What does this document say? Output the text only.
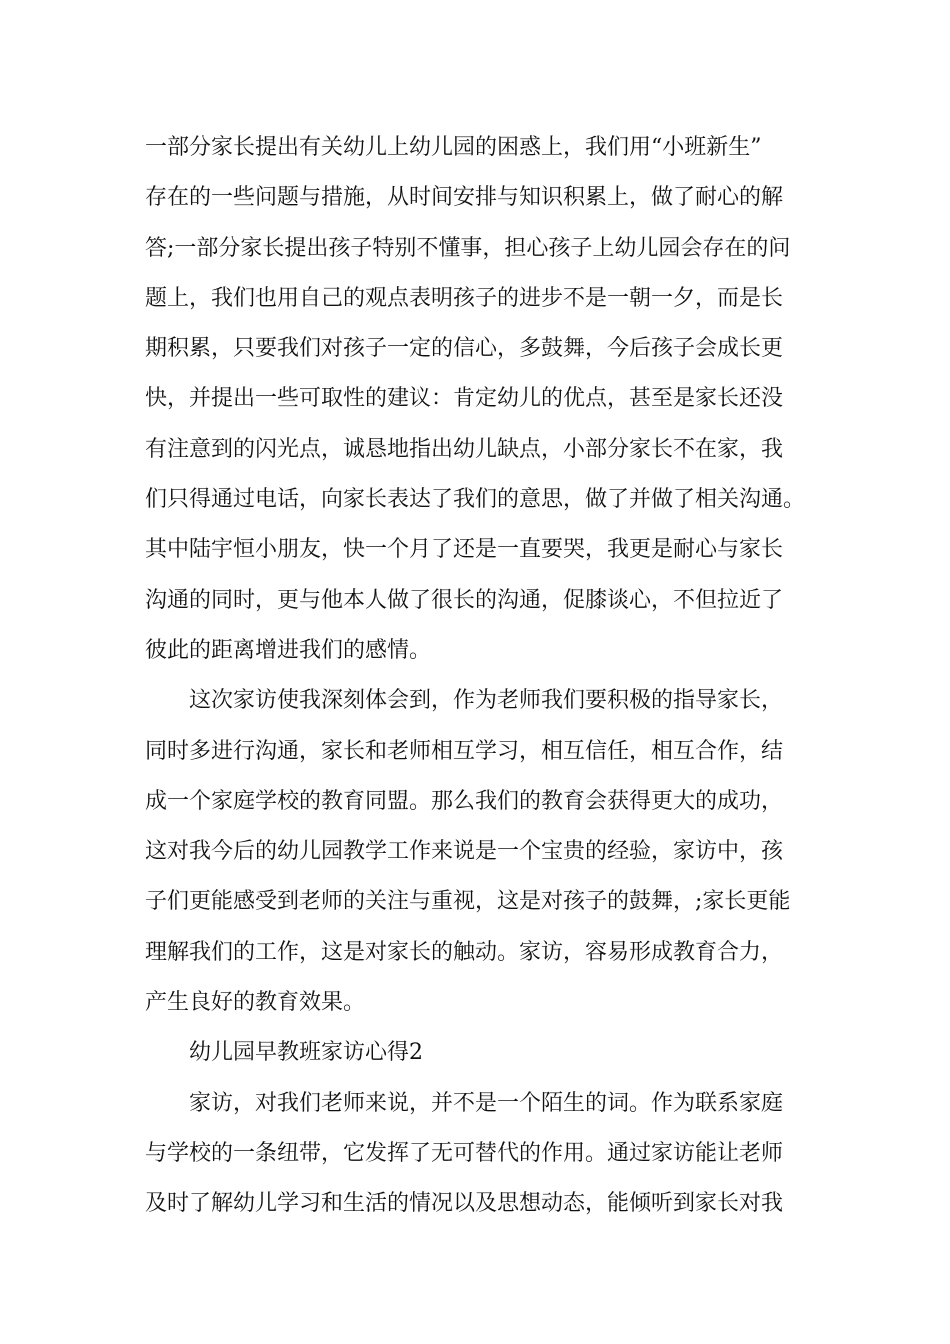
一部分家长提出有关幼儿上幼儿园的困惑上，我们用“小班新生”
存在的一些问题与措施，从时间安排与知识积累上，做了耐心的解
答;一部分家长提出孩子特别不懂事，担心孩子上幼儿园会存在的问
题上，我们也用自己的观点表明孩子的进步不是一朝一夕，而是长
期积累，只要我们对孩子一定的信心，多鼓舞，今后孩子会成长更
快，并提出一些可取性的建议：肯定幼儿的优点，甚至是家长还没
有注意到的闪光点，诚恳地指出幼儿缺点，小部分家长不在家，我
们只得通过电话，向家长表达了我们的意思，做了并做了相关沟通。
其中陆宇恒小朋友，快一个月了还是一直要哭，我更是耐心与家长
沟通的同时，更与他本人做了很长的沟通，促膝谈心，不但拉近了
彼此的距离增进我们的感情。
这次家访使我深刻体会到，作为老师我们要积极的指导家长，
同时多进行沟通，家长和老师相互学习，相互信任，相互合作，结
成一个家庭学校的教育同盟。那么我们的教育会获得更大的成功，
这对我今后的幼儿园教学工作来说是一个宝贵的经验，家访中，孩
子们更能感受到老师的关注与重视，这是对孩子的鼓舞，;家长更能
理解我们的工作，这是对家长的触动。家访，容易形成教育合力，
产生良好的教育效果。
幼儿园早教班家访心得2
家访，对我们老师来说，并不是一个陌生的词。作为联系家庭
与学校的一条纽带，它发挥了无可替代的作用。通过家访能让老师
及时了解幼儿学习和生活的情况以及思想动态，能倾听到家长对我
